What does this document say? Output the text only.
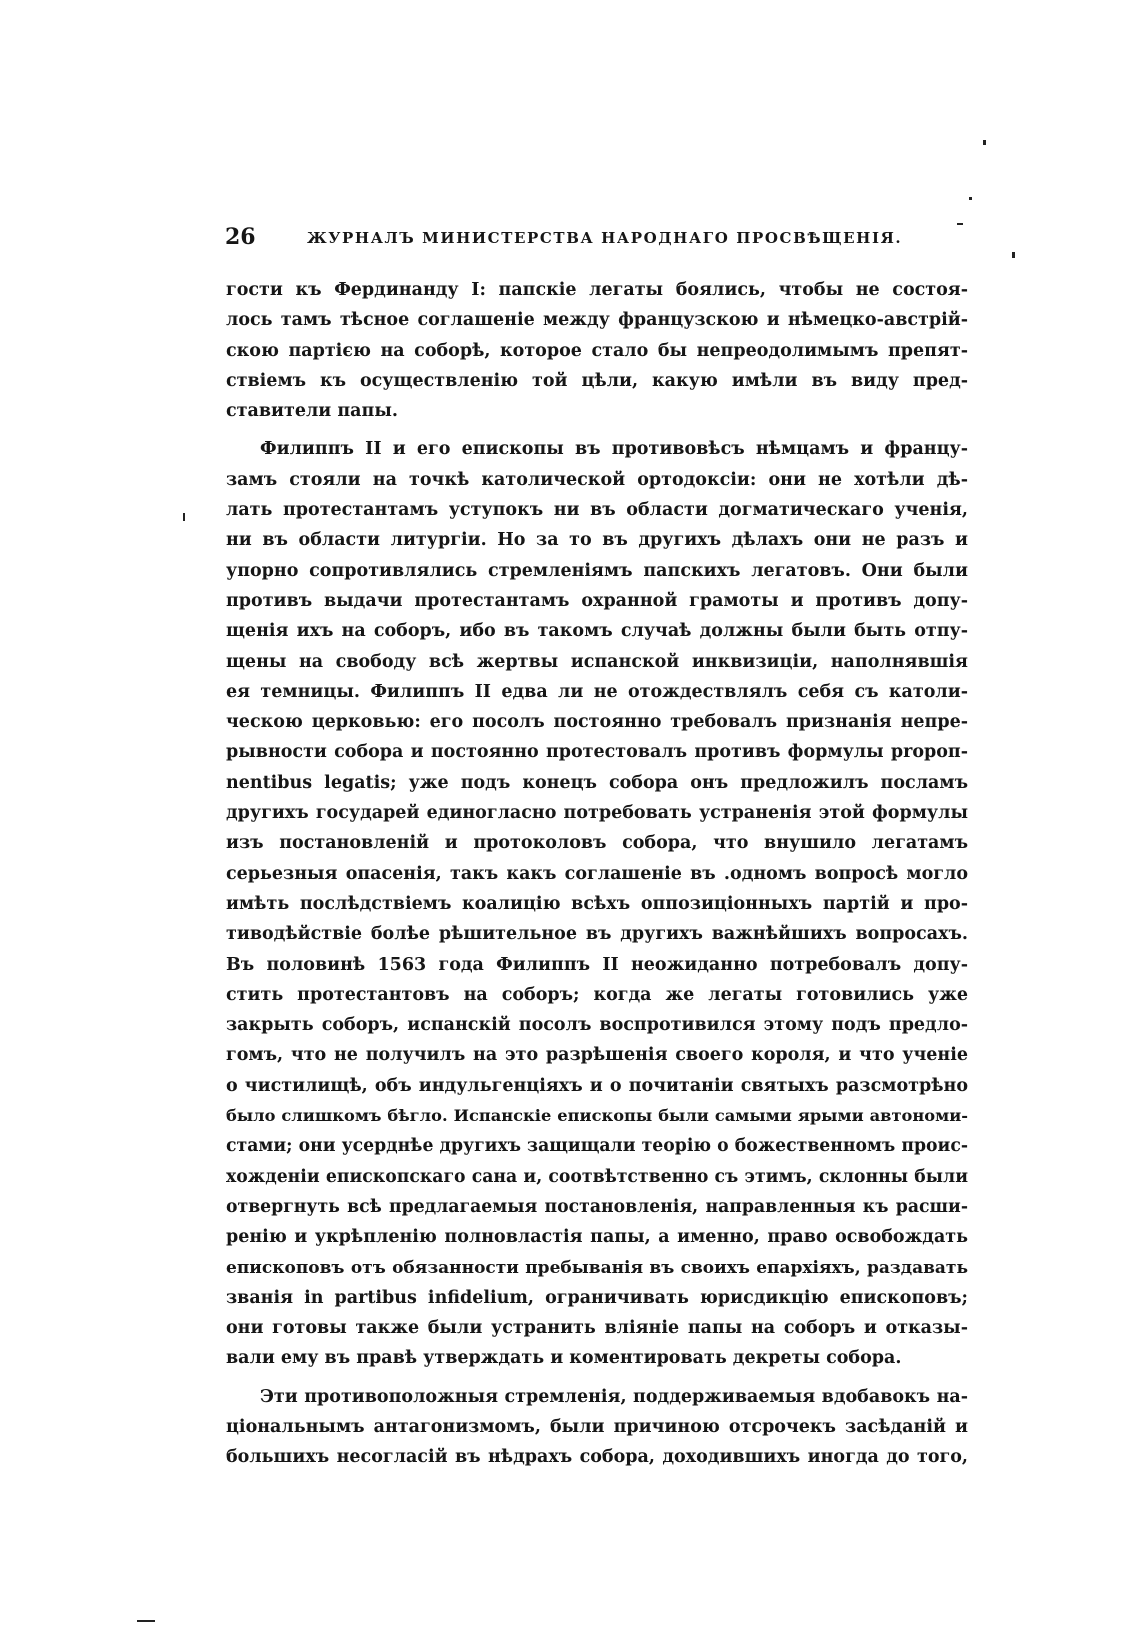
26	ЖУРНАЛЪ МИНИСТЕРСТВА НАРОДНАГО ПРОСВѢЩЕНІЯ.
гости къ Фердинанду I: папскіе легаты боялись, чтобы не состоя-
лось тамъ тѣсное соглашеніе между французскою и нѣмецко-австрій-
скою партією на соборѣ, которое стало бы непреодолимымъ препят-
ствіемъ къ осуществленію той цѣли, какую имѣли въ виду пред-
ставители папы.
Филиппъ II и его епископы въ противовѣсъ нѣмцамъ и францу-
замъ стояли на точкѣ католической ортодоксіи: они не хотѣли дѣ-
лать протестантамъ уступокъ ни въ области догматическаго ученія,
ни въ области литургіи. Но за то въ другихъ дѣлахъ они не разъ и
упорно сопротивлялись стремленіямъ папскихъ легатовъ. Они были
противъ выдачи протестантамъ охранной грамоты и противъ допу-
щенія ихъ на соборъ, ибо въ такомъ случаѣ должны были быть отпу-
щены на свободу всѣ жертвы испанской инквизиціи, наполнявшія
ея темницы. Филиппъ II едва ли не отождествлялъ себя съ католи-
ческою церковью: его посолъ постоянно требовалъ признанія непре-
рывности собора и постоянно протестовалъ противъ формулы prороп-
nentibus legatis; уже подъ конецъ собора онъ предложилъ посламъ
другихъ государей единогласно потребовать устраненія этой формулы
изъ постановленій и протоколовъ собора, что внушило легатамъ
серьезныя опасенія, такъ какъ соглашеніе въ .одномъ вопросѣ могло
имѣть послѣдствіемъ коалицію всѣхъ оппозиціонныхъ партій и про-
тиводѣйствіе болѣе рѣшительное въ другихъ важнѣйшихъ вопросахъ.
Въ половинѣ 1563 года Филиппъ II неожиданно потребовалъ допу-
стить протестантовъ на соборъ; когда же легаты готовились уже
закрыть соборъ, испанскій посолъ воспротивился этому подъ предло-
гомъ, что не получилъ на это разрѣшенія своего короля, и что ученіе
о чистилищѣ, объ индульгенціяхъ и о почитаніи святыхъ разсмотрѣно
было слишкомъ бѣгло. Испанскіе епископы были самыми ярыми автономи-
стами; они усерднѣе другихъ защищали теорію о божественномъ проис-
хожденіи епископскаго сана и, соотвѣтственно съ этимъ, склонны были
отвергнуть всѣ предлагаемыя постановленія, направленныя къ расши-
ренію и укрѣпленію полновластія папы, а именно, право освобождать
епископовъ отъ обязанности пребыванія въ своихъ епархіяхъ, раздавать
званія in partibus infidelium, ограничивать юрисдикцію епископовъ;
они готовы также были устранить вліяніе папы на соборъ и отказы-
вали ему въ правѣ утверждать и коментировать декреты собора.
Эти противоположныя стремленія, поддерживаемыя вдобавокъ на-
ціональнымъ антагонизмомъ, были причиною отсрочекъ засѣданій и
большихъ несогласій въ нѣдрахъ собора, доходившихъ иногда до того,
